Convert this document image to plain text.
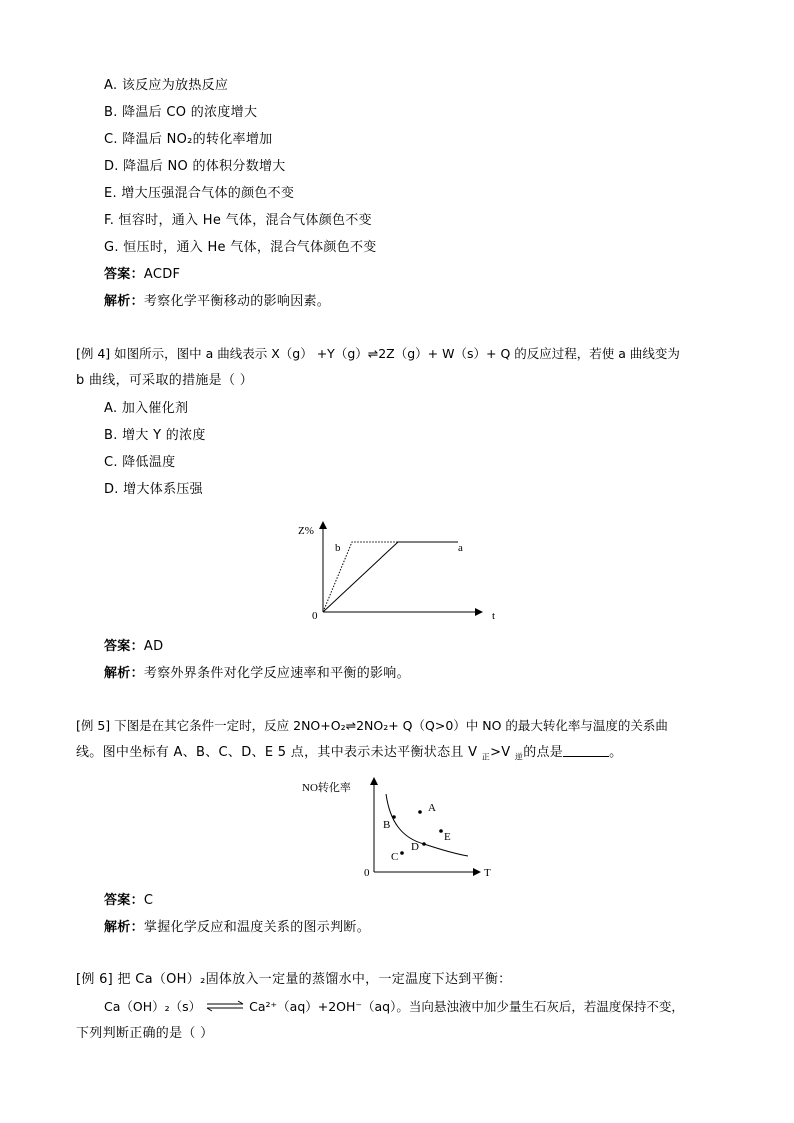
A. 该反应为放热反应
B. 降温后 CO 的浓度增大
C. 降温后 NO₂的转化率增加
D. 降温后 NO 的体积分数增大
E. 增大压强混合气体的颜色不变
F. 恒容时，通入 He 气体，混合气体颜色不变
G. 恒压时，通入 He 气体，混合气体颜色不变
答案：ACDF
解析：考察化学平衡移动的影响因素。
[例 4] 如图所示，图中 a 曲线表示 X（g） +Y（g）⇌2Z（g）+ W（s）+ Q 的反应过程，若使 a 曲线变为
b 曲线，可采取的措施是（ ）
A. 加入催化剂
B. 增大 Y 的浓度
C. 降低温度
D. 增大体系压强
Z%
0	t
a
b
答案：AD
解析：考察外界条件对化学反应速率和平衡的影响。
[例 5] 下图是在其它条件一定时，反应 2NO+O₂⇌2NO₂+ Q（Q>0）中 NO 的最大转化率与温度的关系曲
线。图中坐标有 A、B、C、D、E 5 点，其中表示未达平衡状态且 V $_正$>V $_逆$的点是	。
NO转化率
0	T
A
B
C
D
E
答案：C
解析：掌握化学反应和温度关系的图示判断。
[例 6] 把 Ca（OH）₂固体放入一定量的蒸馏水中，一定温度下达到平衡：
Ca（OH）₂（s） ⇌ Ca²⁺（aq）+2OH⁻（aq）。当向悬浊液中加少量生石灰后，若温度保持不变，
下列判断正确的是（ ）
